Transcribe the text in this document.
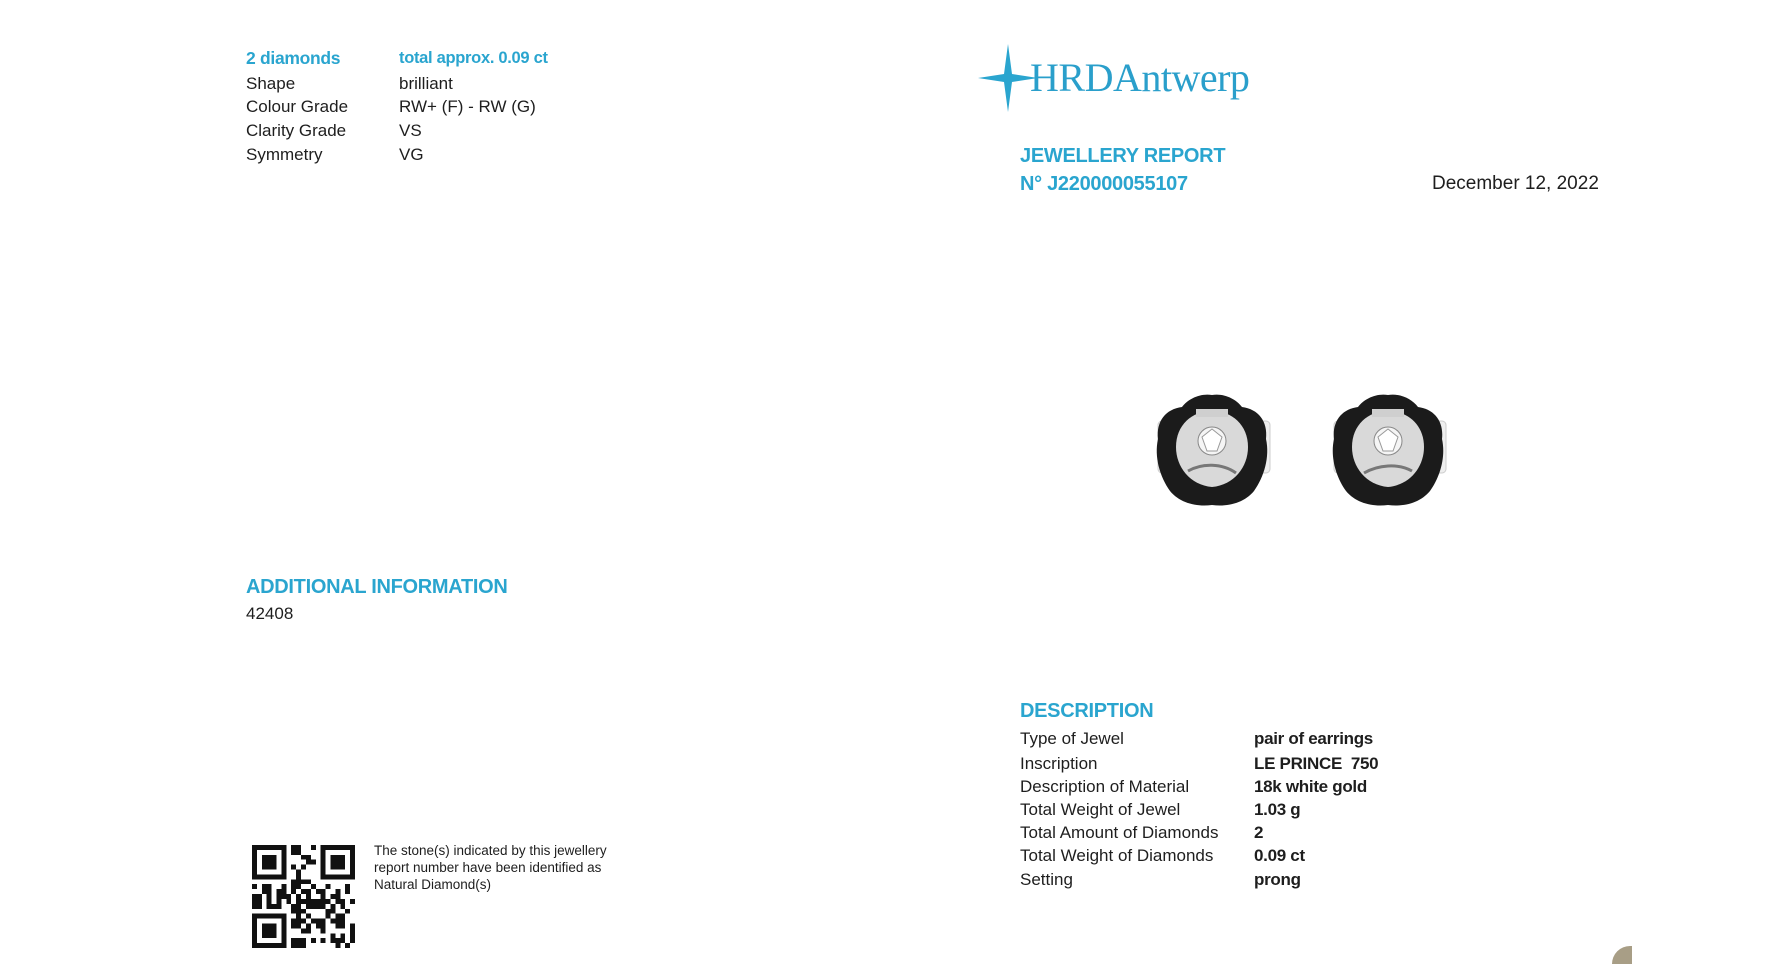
2 diamonds	total approx. 0.09 ct
Shape	brilliant
Colour Grade	RW+ (F) - RW (G)
Clarity Grade	VS
Symmetry	VG
HRDAntwerp
JEWELLERY REPORT
N° J220000055107	December 12, 2022
ADDITIONAL INFORMATION
42408
The stone(s) indicated by this jewellery report number have been identified as Natural Diamond(s)
DESCRIPTION
Type of Jewel	pair of earrings
Inscription	LE PRINCE  750
Description of Material	18k white gold
Total Weight of Jewel	1.03 g
Total Amount of Diamonds 2
Total Weight of Diamonds 0.09 ct
Setting	prong
